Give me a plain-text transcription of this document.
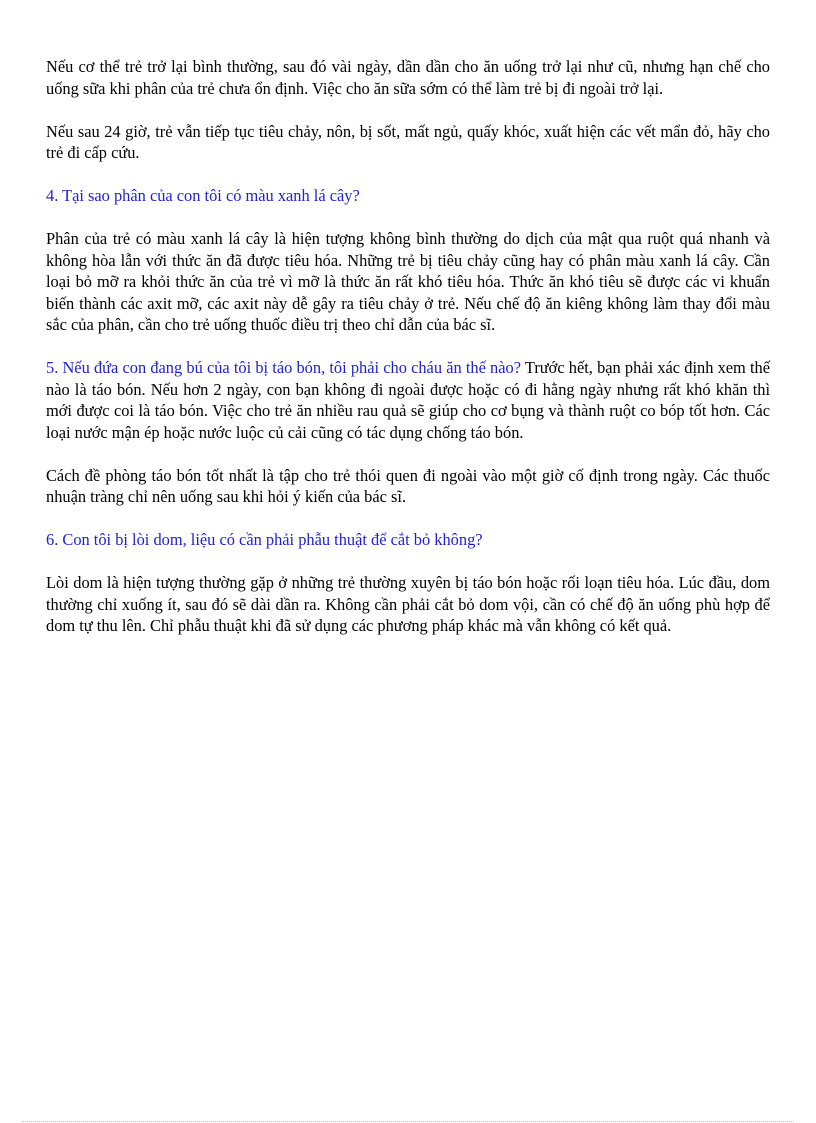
Nếu cơ thể trẻ trở lại bình thường, sau đó vài ngày, dần dần cho ăn uống trở lại như cũ, nhưng hạn chế cho uống sữa khi phân của trẻ chưa ổn định. Việc cho ăn sữa sớm có thể làm trẻ bị đi ngoài trở lại.

Nếu sau 24 giờ, trẻ vẫn tiếp tục tiêu chảy, nôn, bị sốt, mất ngủ, quấy khóc, xuất hiện các vết mẩn đỏ, hãy cho trẻ đi cấp cứu.

4. Tại sao phân của con tôi có màu xanh lá cây?

Phân của trẻ có màu xanh lá cây là hiện tượng không bình thường do dịch của mật qua ruột quá nhanh và không hòa lẫn với thức ăn đã được tiêu hóa. Những trẻ bị tiêu chảy cũng hay có phân màu xanh lá cây. Cần loại bỏ mỡ ra khỏi thức ăn của trẻ vì mỡ là thức ăn rất khó tiêu hóa. Thức ăn khó tiêu sẽ được các vi khuẩn biến thành các axit mỡ, các axit này dễ gây ra tiêu chảy ở trẻ. Nếu chế độ ăn kiêng không làm thay đổi màu sắc của phân, cần cho trẻ uống thuốc điều trị theo chỉ dẫn của bác sĩ.

5. Nếu đứa con đang bú của tôi bị táo bón, tôi phải cho cháu ăn thế nào? Trước hết, bạn phải xác định xem thế nào là táo bón. Nếu hơn 2 ngày, con bạn không đi ngoài được hoặc có đi hằng ngày nhưng rất khó khăn thì mới được coi là táo bón. Việc cho trẻ ăn nhiều rau quả sẽ giúp cho cơ bụng và thành ruột co bóp tốt hơn. Các loại nước mận ép hoặc nước luộc củ cải cũng có tác dụng chống táo bón.

Cách đề phòng táo bón tốt nhất là tập cho trẻ thói quen đi ngoài vào một giờ cố định trong ngày. Các thuốc nhuận tràng chỉ nên uống sau khi hỏi ý kiến của bác sĩ.

6. Con tôi bị lòi dom, liệu có cần phải phẫu thuật để cắt bỏ không?

Lòi dom là hiện tượng thường gặp ở những trẻ thường xuyên bị táo bón hoặc rối loạn tiêu hóa. Lúc đầu, dom thường chỉ xuống ít, sau đó sẽ dài dần ra. Không cần phải cắt bỏ dom vội, cần có chế độ ăn uống phù hợp để dom tự thu lên. Chỉ phẫu thuật khi đã sử dụng các phương pháp khác mà vẫn không có kết quả.
